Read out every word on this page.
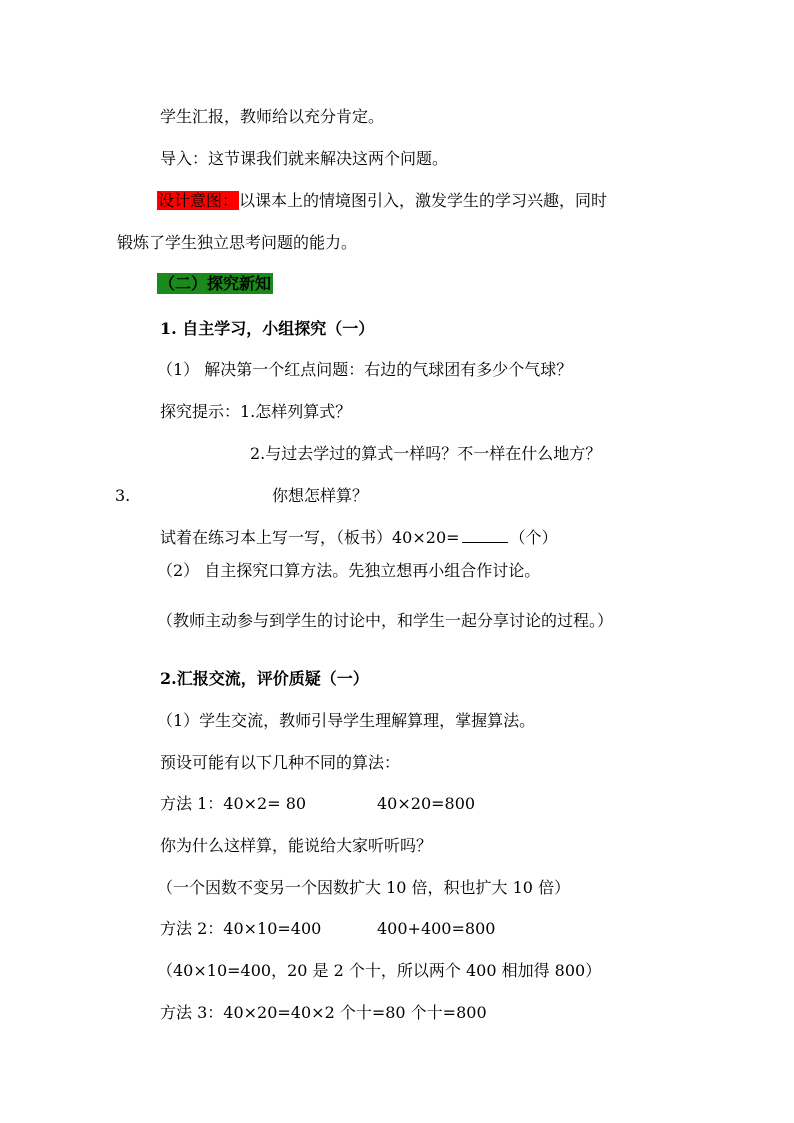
学生汇报，教师给以充分肯定。
导入：这节课我们就来解决这两个问题。
设计意图：以课本上的情境图引入，激发学生的学习兴趣，同时
锻炼了学生独立思考问题的能力。
（二）探究新知
1. 自主学习，小组探究（一）
（1） 解决第一个红点问题：右边的气球团有多少个气球？
探究提示：1.怎样列算式？
2.与过去学过的算式一样吗？不一样在什么地方？
3.	你想怎样算？
试着在练习本上写一写，（板书）40×20=	（个）
（2） 自主探究口算方法。先独立想再小组合作讨论。
（教师主动参与到学生的讨论中，和学生一起分享讨论的过程。）
2.汇报交流，评价质疑（一）
（1）学生交流，教师引导学生理解算理，掌握算法。
预设可能有以下几种不同的算法：
方法 1：40×2= 80	40×20=800
你为什么这样算，能说给大家听听吗？
（一个因数不变另一个因数扩大 10 倍，积也扩大 10 倍）
方法 2：40×10=400	400+400=800
（40×10=400，20 是 2 个十，所以两个 400 相加得 800）
方法 3：40×20=40×2 个十=80 个十=800
